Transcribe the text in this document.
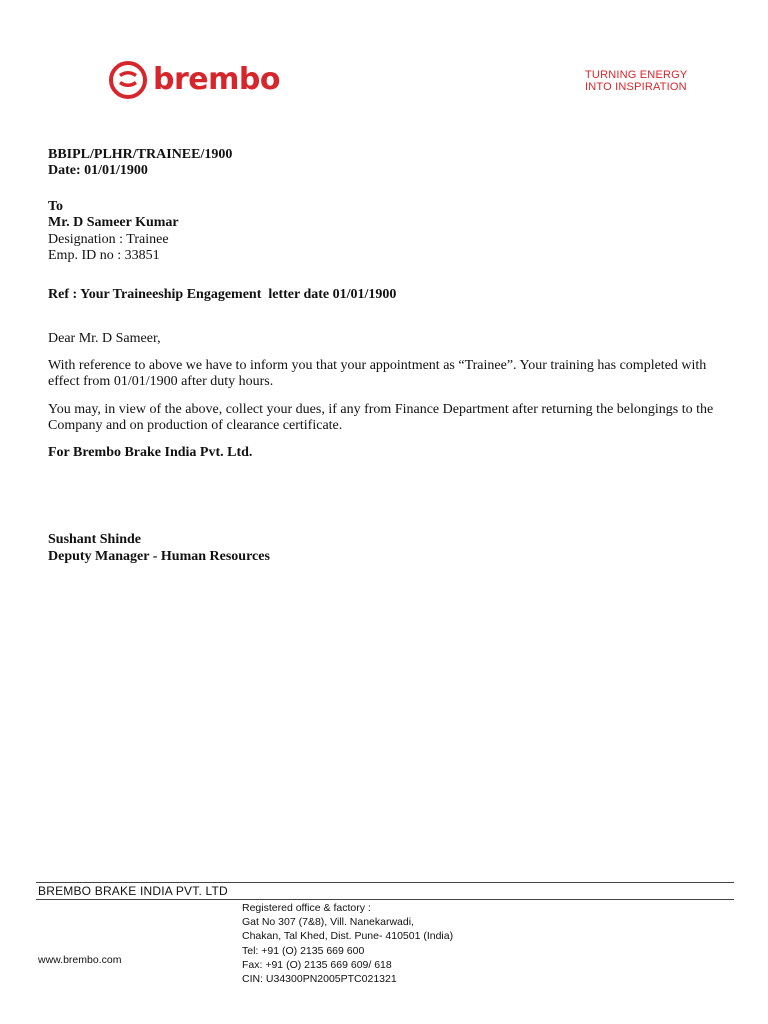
brembo	TURNING ENERGY
INTO INSPIRATION
BBIPL/PLHR/TRAINEE/1900
Date: 01/01/1900
To
Mr. D Sameer Kumar
Designation : Trainee
Emp. ID no : 33851
Ref : Your Traineeship Engagement  letter date 01/01/1900
Dear Mr. D Sameer,
With reference to above we have to inform you that your appointment as “Trainee”. Your training has completed with effect from 01/01/1900 after duty hours.
You may, in view of the above, collect your dues, if any from Finance Department after returning the belongings to the Company and on production of clearance certificate.
For Brembo Brake India Pvt. Ltd.
Sushant Shinde
Deputy Manager - Human Resources
BREMBO BRAKE INDIA PVT. LTD
Registered office & factory :
Gat No 307 (7&8), Vill. Nanekarwadi,
Chakan, Tal Khed, Dist. Pune- 410501 (India)
Tel: +91 (O) 2135 669 600
Fax: +91 (O) 2135 669 609/ 618
CIN: U34300PN2005PTC021321
www.brembo.com
